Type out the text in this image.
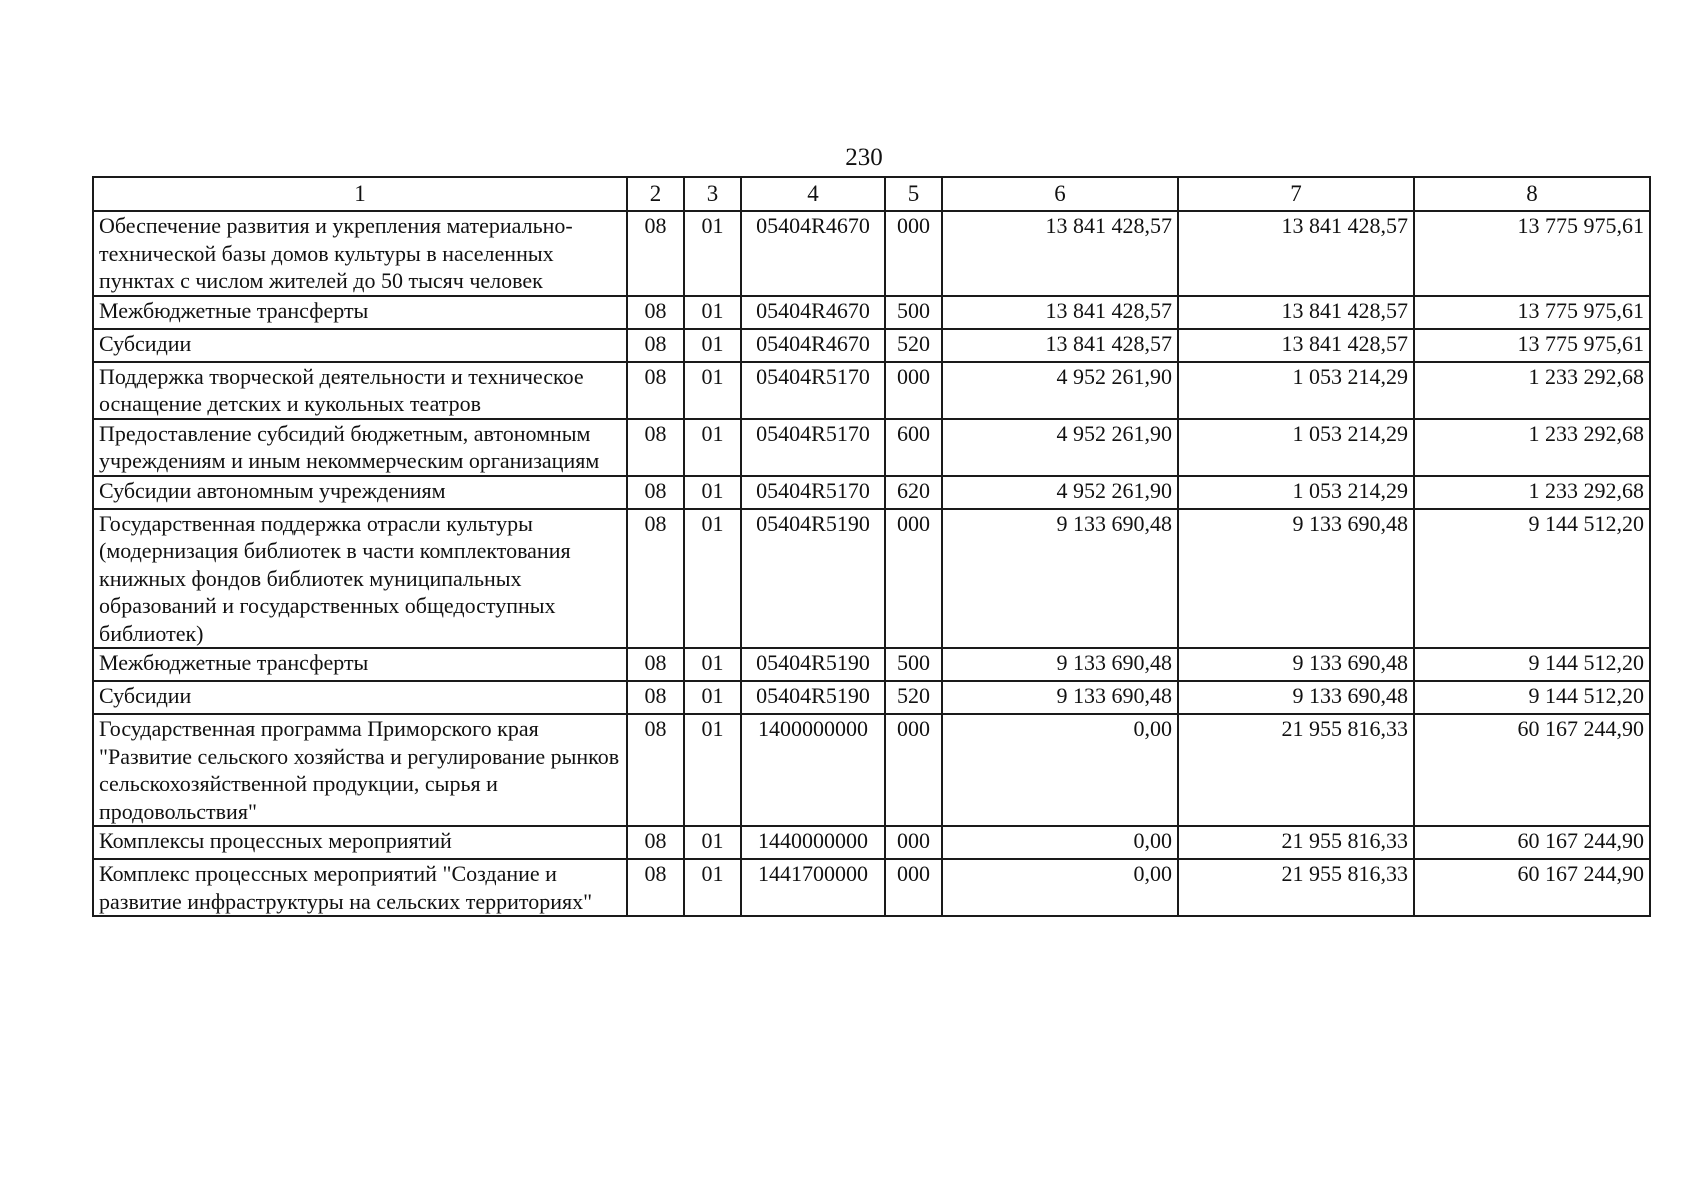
230
1	2	3	4	5	6	7	8
Обеспечение развития и укрепления материально-технической базы домов культуры в населенных пунктах с числом жителей до 50 тысяч человек	08	01	05404R4670	000	13 841 428,57	13 841 428,57	13 775 975,61
Межбюджетные трансферты	08	01	05404R4670	500	13 841 428,57	13 841 428,57	13 775 975,61
Субсидии	08	01	05404R4670	520	13 841 428,57	13 841 428,57	13 775 975,61
Поддержка творческой деятельности и техническое оснащение детских и кукольных театров	08	01	05404R5170	000	4 952 261,90	1 053 214,29	1 233 292,68
Предоставление субсидий бюджетным, автономным учреждениям и иным некоммерческим организациям	08	01	05404R5170	600	4 952 261,90	1 053 214,29	1 233 292,68
Субсидии автономным учреждениям	08	01	05404R5170	620	4 952 261,90	1 053 214,29	1 233 292,68
Государственная поддержка отрасли культуры (модернизация библиотек в части комплектования книжных фондов библиотек муниципальных образований и государственных общедоступных библиотек)	08	01	05404R5190	000	9 133 690,48	9 133 690,48	9 144 512,20
Межбюджетные трансферты	08	01	05404R5190	500	9 133 690,48	9 133 690,48	9 144 512,20
Субсидии	08	01	05404R5190	520	9 133 690,48	9 133 690,48	9 144 512,20
Государственная программа Приморского края "Развитие сельского хозяйства и регулирование рынков сельскохозяйственной продукции, сырья и продовольствия"	08	01	1400000000	000	0,00	21 955 816,33	60 167 244,90
Комплексы процессных мероприятий	08	01	1440000000	000	0,00	21 955 816,33	60 167 244,90
Комплекс процессных мероприятий "Создание и развитие инфраструктуры на сельских территориях"	08	01	1441700000	000	0,00	21 955 816,33	60 167 244,90
